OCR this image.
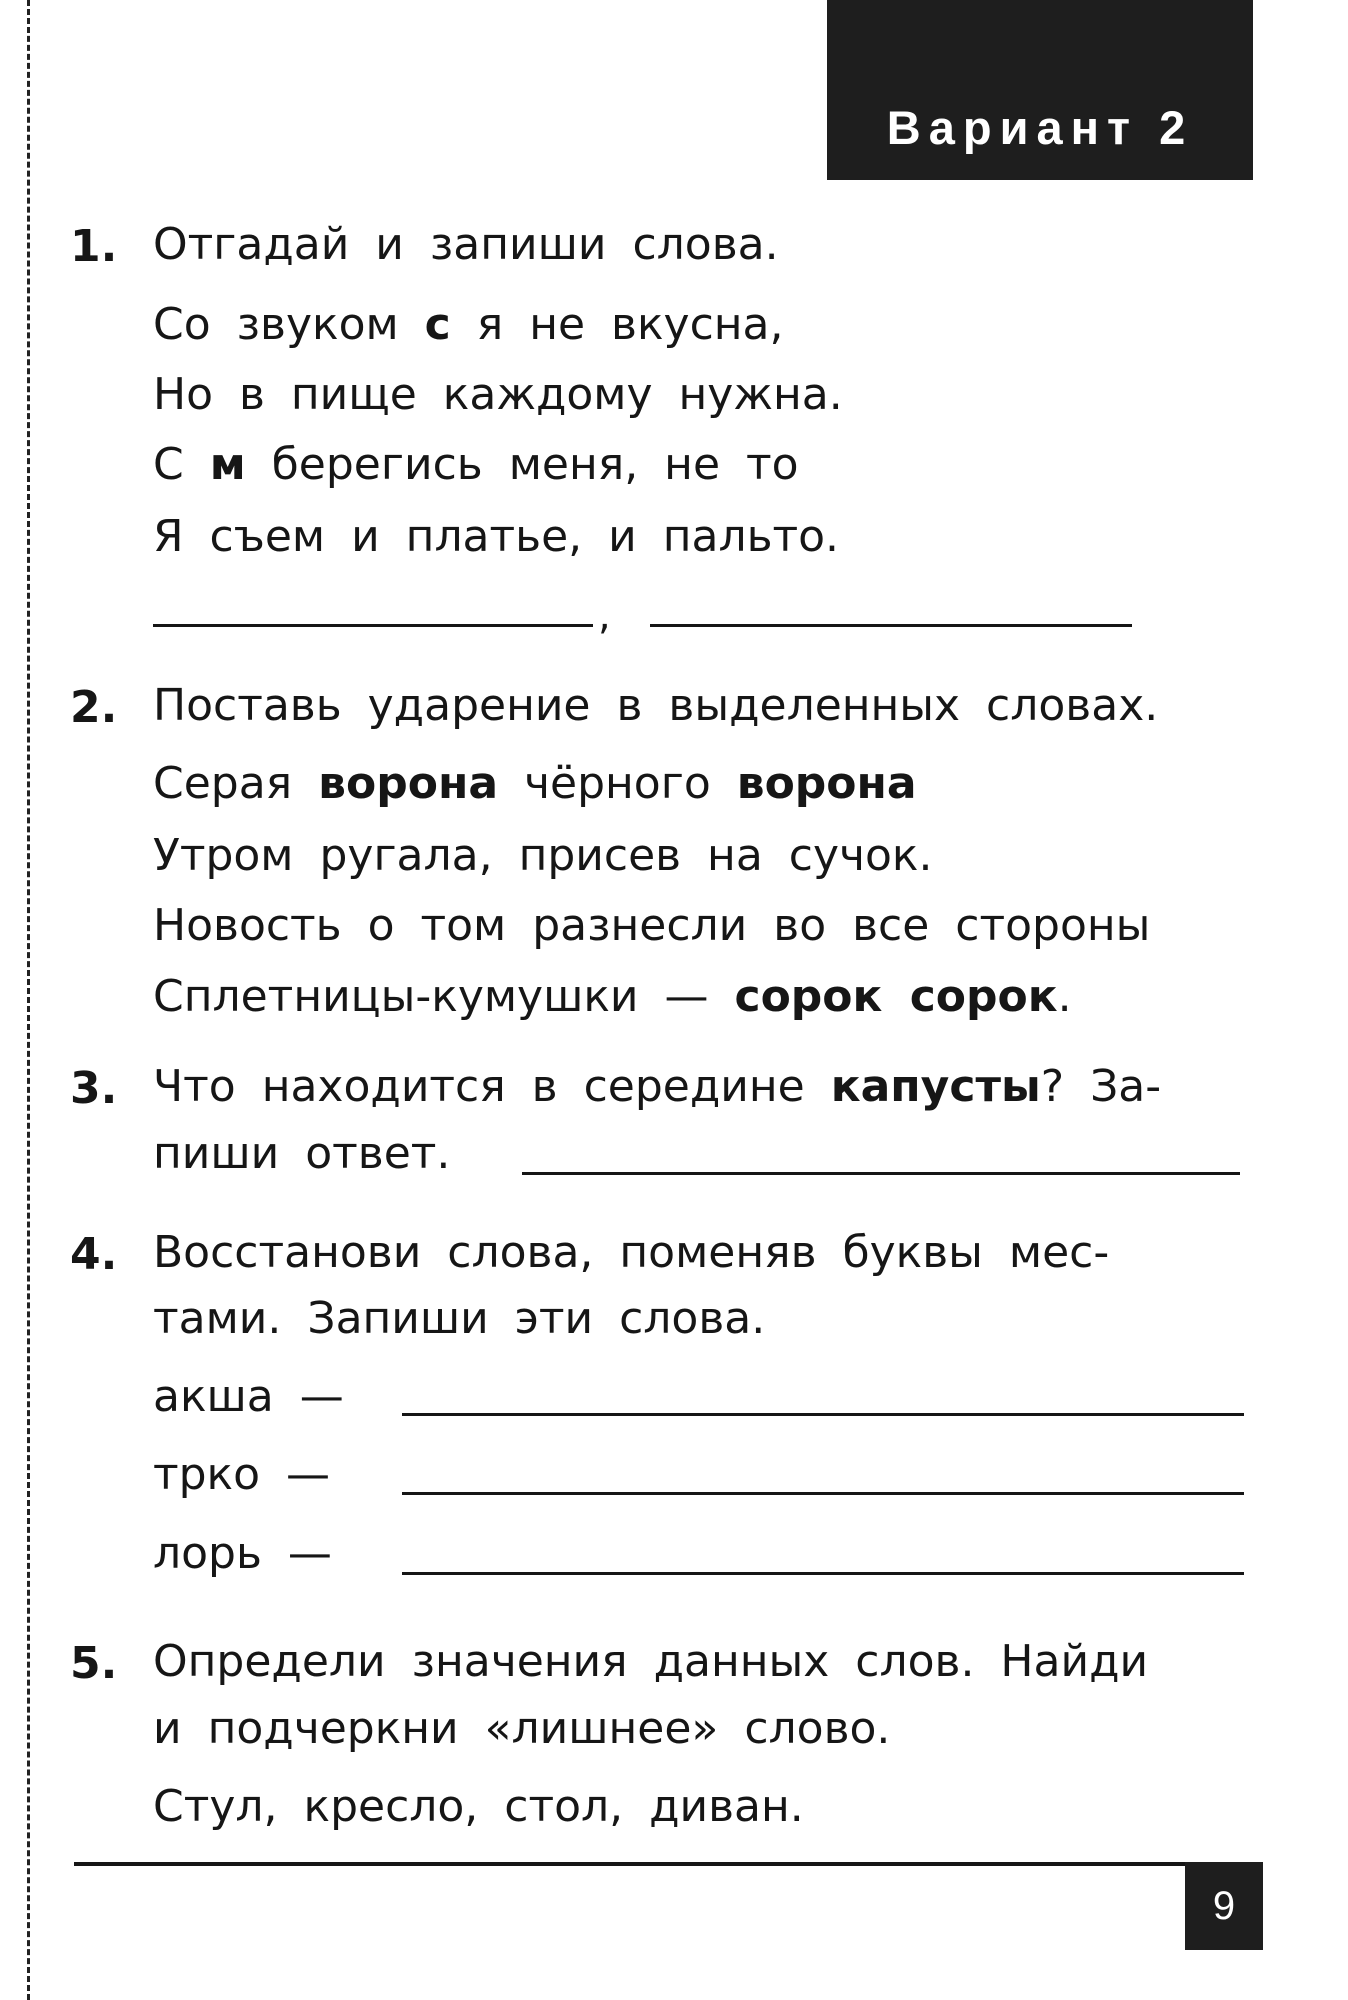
Вариант 2
1. Отгадай и запиши слова.
Со звуком с я не вкусна,
Но в пище каждому нужна.
С м берегись меня, не то
Я съем и платье, и пальто.
,
2. Поставь ударение в выделенных словах.
Серая ворона чёрного ворона
Утром ругала, присев на сучок.
Новость о том разнесли во все стороны
Сплетницы-кумушки — сорок сорок.
3. Что находится в середине капусты? За-
пиши ответ.
4. Восстанови слова, поменяв буквы мес-
тами. Запиши эти слова.
акша —
трко —
лорь —
5. Определи значения данных слов. Найди
и подчеркни «лишнее» слово.
Стул, кресло, стол, диван.
9
